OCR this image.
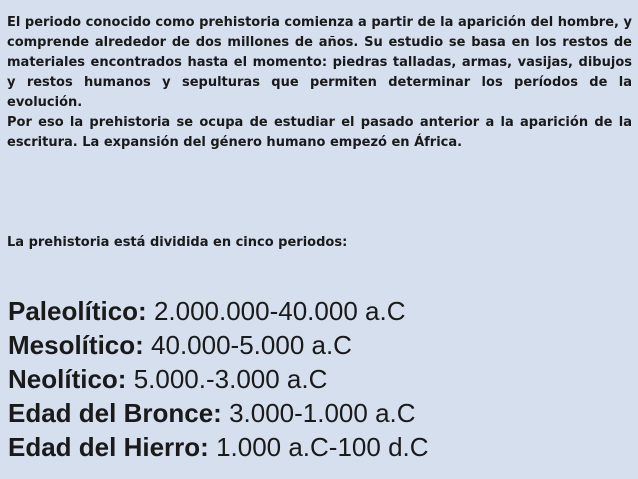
El periodo conocido como prehistoria comienza a partir de la aparición del hombre, y comprende alrededor de dos millones de años. Su estudio se basa en los restos de materiales encontrados hasta el momento: piedras talladas, armas, vasijas, dibujos y restos humanos y sepulturas que permiten determinar los períodos de la evolución.

Por eso la prehistoria se ocupa de estudiar el pasado anterior a la aparición de la escritura. La expansión del género humano empezó en África.

La prehistoria está dividida en cinco periodos:

Paleolítico: 2.000.000-40.000 a.C
Mesolítico: 40.000-5.000 a.C
Neolítico: 5.000.-3.000 a.C
Edad del Bronce: 3.000-1.000 a.C
Edad del Hierro: 1.000 a.C-100 d.C
